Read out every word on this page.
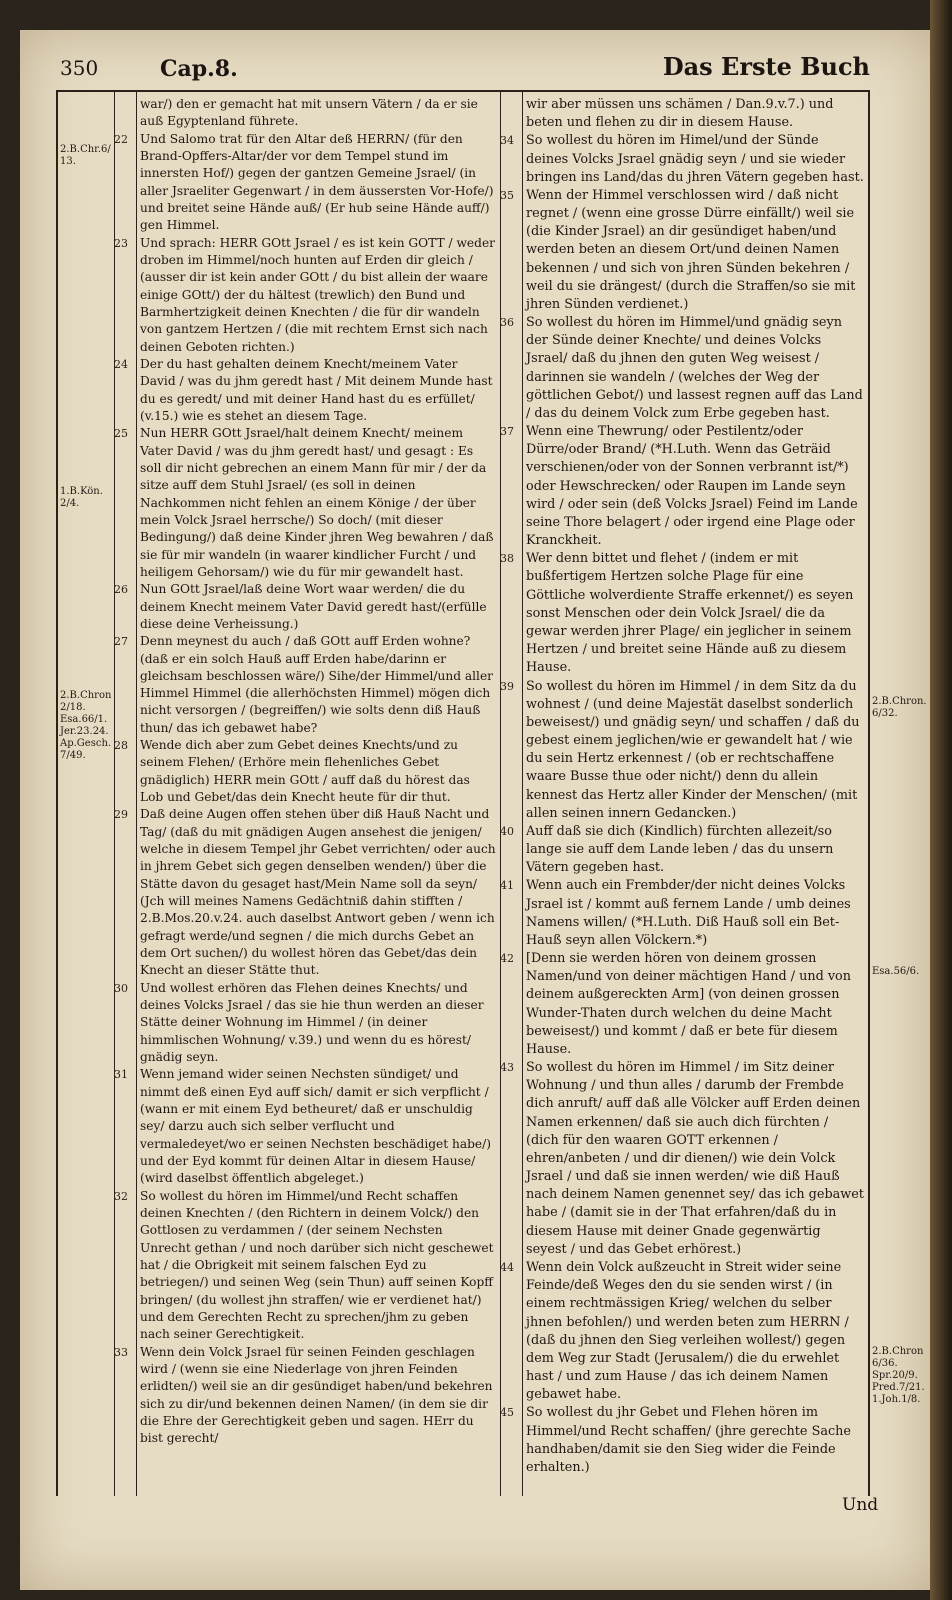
350	Cap.8.	Das Erste Buch
2.B.Chr.6/ 13.
1.B.Kön. 2/4.
2.B.Chron 2/18. Esa.66/1. Jer.23.24. Ap.Gesch. 7/49.
2.B.Chron. 6/32.
Esa.56/6.
2.B.Chron 6/36. Spr.20/9. Pred.7/21. 1.Joh.1/8.

war/) den er gemacht hat mit unsern Vätern / da er sie auß Egyptenland führete.

22 Und Salomo trat für den Altar deß HERRN/ (für den Brand-Opffers-Altar/der vor dem Tempel stund im innersten Hof/) gegen der gantzen Gemeine Jsrael/ (in aller Jsraeliter Gegenwart / in dem äussersten Vor-Hofe/) und breitet seine Hände auß/ (Er hub seine Hände auff/) gen Himmel.

23 Und sprach: HERR GOtt Jsrael / es ist kein GOTT / weder droben im Himmel/noch hunten auf Erden dir gleich / (ausser dir ist kein ander GOtt / du bist allein der waare einige GOtt/) der du hältest (trewlich) den Bund und Barmhertzigkeit deinen Knechten / die für dir wandeln von gantzem Hertzen / (die mit rechtem Ernst sich nach deinen Geboten richten.)

24 Der du hast gehalten deinem Knecht/meinem Vater David / was du jhm geredt hast / Mit deinem Munde hast du es geredt/ und mit deiner Hand hast du es erfüllet/ (v.15.) wie es stehet an diesem Tage.

25 Nun HERR GOtt Jsrael/halt deinem Knecht/ meinem Vater David / was du jhm geredt hast/ und gesagt : Es soll dir nicht gebrechen an einem Mann für mir / der da sitze auff dem Stuhl Jsrael/ (es soll in deinen Nachkommen nicht fehlen an einem Könige / der über mein Volck Jsrael herrsche/) So doch/ (mit dieser Bedingung/) daß deine Kinder jhren Weg bewahren / daß sie für mir wandeln (in waarer kindlicher Furcht / und heiligem Gehorsam/) wie du für mir gewandelt hast.

26 Nun GOtt Jsrael/laß deine Wort waar werden/ die du deinem Knecht meinem Vater David geredt hast/(erfülle diese deine Verheissung.)

27 Denn meynest du auch / daß GOtt auff Erden wohne? (daß er ein solch Hauß auff Erden habe/darinn er gleichsam beschlossen wäre/) Sihe/der Himmel/und aller Himmel Himmel (die allerhöchsten Himmel) mögen dich nicht versorgen / (begreiffen/) wie solts denn diß Hauß thun/ das ich gebawet habe?

28 Wende dich aber zum Gebet deines Knechts/und zu seinem Flehen/ (Erhöre mein flehenliches Gebet gnädiglich) HERR mein GOtt / auff daß du hörest das Lob und Gebet/das dein Knecht heute für dir thut.

29 Daß deine Augen offen stehen über diß Hauß Nacht und Tag/ (daß du mit gnädigen Augen ansehest die jenigen/ welche in diesem Tempel jhr Gebet verrichten/ oder auch in jhrem Gebet sich gegen denselben wenden/) über die Stätte davon du gesaget hast/Mein Name soll da seyn/ (Jch will meines Namens Gedächtniß dahin stifften / 2.B.Mos.20.v.24. auch daselbst Antwort geben / wenn ich gefragt werde/und segnen / die mich durchs Gebet an dem Ort suchen/) du wollest hören das Gebet/das dein Knecht an dieser Stätte thut.

30 Und wollest erhören das Flehen deines Knechts/ und deines Volcks Jsrael / das sie hie thun werden an dieser Stätte deiner Wohnung im Himmel / (in deiner himmlischen Wohnung/ v.39.) und wenn du es hörest/ gnädig seyn.

31 Wenn jemand wider seinen Nechsten sündiget/ und nimmt deß einen Eyd auff sich/ damit er sich verpflicht / (wann er mit einem Eyd betheuret/ daß er unschuldig sey/ darzu auch sich selber verflucht und vermaledeyet/wo er seinen Nechsten beschädiget habe/) und der Eyd kommt für deinen Altar in diesem Hause/ (wird daselbst öffentlich abgeleget.)

32 So wollest du hören im Himmel/und Recht schaffen deinen Knechten / (den Richtern in deinem Volck/) den Gottlosen zu verdammen / (der seinem Nechsten Unrecht gethan / und noch darüber sich nicht geschewet hat / die Obrigkeit mit seinem falschen Eyd zu betriegen/) und seinen Weg (sein Thun) auff seinen Kopff bringen/ (du wollest jhn straffen/ wie er verdienet hat/) und dem Gerechten Recht zu sprechen/jhm zu geben nach seiner Gerechtigkeit.

33 Wenn dein Volck Jsrael für seinen Feinden geschlagen wird / (wenn sie eine Niederlage von jhren Feinden erlidten/) weil sie an dir gesündiget haben/und bekehren sich zu dir/und bekennen deinen Namen/ (in dem sie dir die Ehre der Gerechtigkeit geben und sagen. HErr du bist gerecht/

wir aber müssen uns schämen / Dan.9.v.7.) und beten und flehen zu dir in diesem Hause.

34 So wollest du hören im Himel/und der Sünde deines Volcks Jsrael gnädig seyn / und sie wieder bringen ins Land/das du jhren Vätern gegeben hast.

35 Wenn der Himmel verschlossen wird / daß nicht regnet / (wenn eine grosse Dürre einfällt/) weil sie (die Kinder Jsrael) an dir gesündiget haben/und werden beten an diesem Ort/und deinen Namen bekennen / und sich von jhren Sünden bekehren / weil du sie drängest/ (durch die Straffen/so sie mit jhren Sünden verdienet.)

36 So wollest du hören im Himmel/und gnädig seyn der Sünde deiner Knechte/ und deines Volcks Jsrael/ daß du jhnen den guten Weg weisest / darinnen sie wandeln / (welches der Weg der göttlichen Gebot/) und lassest regnen auff das Land / das du deinem Volck zum Erbe gegeben hast.

37 Wenn eine Thewrung/ oder Pestilentz/oder Dürre/oder Brand/ (*H.Luth. Wenn das Geträid verschienen/oder von der Sonnen verbrannt ist/*) oder Hewschrecken/ oder Raupen im Lande seyn wird / oder sein (deß Volcks Jsrael) Feind im Lande seine Thore belagert / oder irgend eine Plage oder Kranckheit.

38 Wer denn bittet und flehet / (indem er mit bußfertigem Hertzen solche Plage für eine Göttliche wolverdiente Straffe erkennet/) es seyen sonst Menschen oder dein Volck Jsrael/ die da gewar werden jhrer Plage/ ein jeglicher in seinem Hertzen / und breitet seine Hände auß zu diesem Hause.

39 So wollest du hören im Himmel / in dem Sitz da du wohnest / (und deine Majestät daselbst sonderlich beweisest/) und gnädig seyn/ und schaffen / daß du gebest einem jeglichen/wie er gewandelt hat / wie du sein Hertz erkennest / (ob er rechtschaffene waare Busse thue oder nicht/) denn du allein kennest das Hertz aller Kinder der Menschen/ (mit allen seinen innern Gedancken.)

40 Auff daß sie dich (Kindlich) fürchten allezeit/so lange sie auff dem Lande leben / das du unsern Vätern gegeben hast.

41 Wenn auch ein Frembder/der nicht deines Volcks Jsrael ist / kommt auß fernem Lande / umb deines Namens willen/ (*H.Luth. Diß Hauß soll ein Bet-Hauß seyn allen Völckern.*)

42 [Denn sie werden hören von deinem grossen Namen/und von deiner mächtigen Hand / und von deinem außgereckten Arm] (von deinen grossen Wunder-Thaten durch welchen du deine Macht beweisest/) und kommt / daß er bete für diesem Hause.

43 So wollest du hören im Himmel / im Sitz deiner Wohnung / und thun alles / darumb der Frembde dich anruft/ auff daß alle Völcker auff Erden deinen Namen erkennen/ daß sie auch dich fürchten / (dich für den waaren GOTT erkennen / ehren/anbeten / und dir dienen/) wie dein Volck Jsrael / und daß sie innen werden/ wie diß Hauß nach deinem Namen genennet sey/ das ich gebawet habe / (damit sie in der That erfahren/daß du in diesem Hause mit deiner Gnade gegenwärtig seyest / und das Gebet erhörest.)

44 Wenn dein Volck außzeucht in Streit wider seine Feinde/deß Weges den du sie senden wirst / (in einem rechtmässigen Krieg/ welchen du selber jhnen befohlen/) und werden beten zum HERRN / (daß du jhnen den Sieg verleihen wollest/) gegen dem Weg zur Stadt (Jerusalem/) die du erwehlet hast / und zum Hause / das ich deinem Namen gebawet habe.

45 So wollest du jhr Gebet und Flehen hören im Himmel/und Recht schaffen/ (jhre gerechte Sache handhaben/damit sie den Sieg wider die Feinde erhalten.)

Und
